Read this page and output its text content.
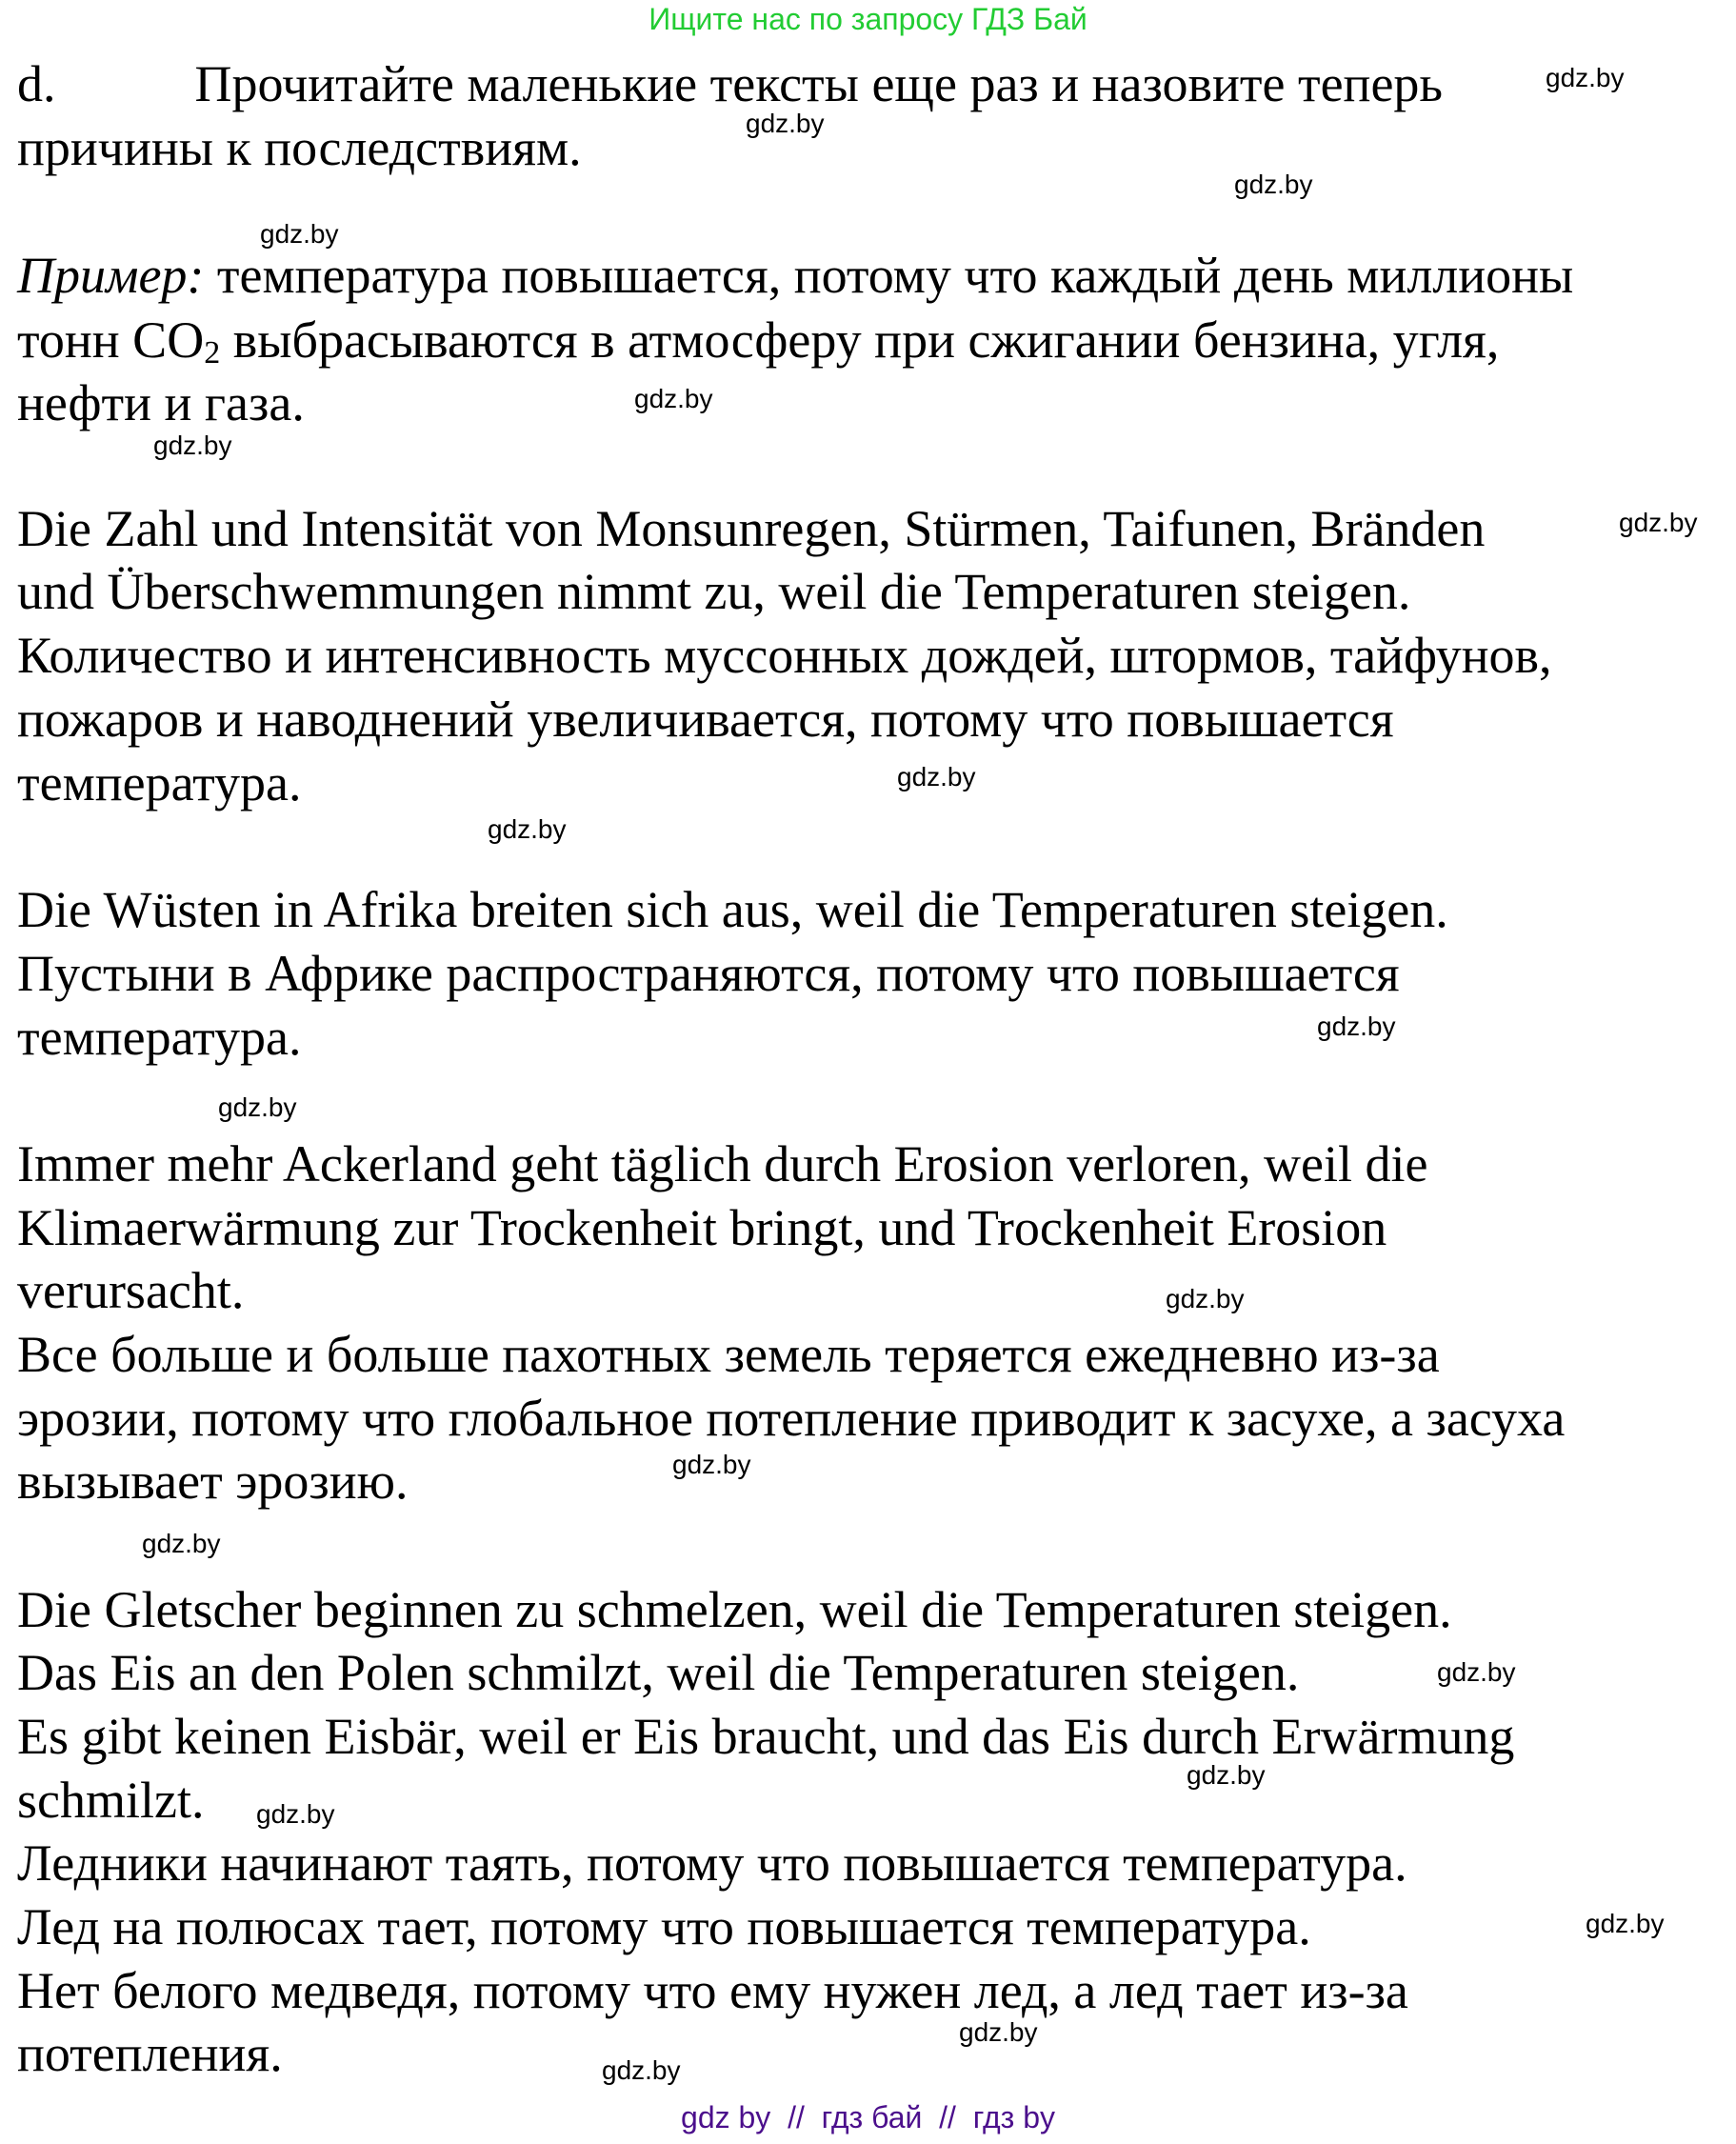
Ищите нас по запросу ГДЗ Бай
d.	Прочитайте маленькие тексты еще раз и назовите теперь
причины к последствиям.
Пример: температура повышается, потому что каждый день миллионы
тонн $CO_2$ выбрасываются в атмосферу при сжигании бензина, угля,
нефти и газа.
Die Zahl und Intensität von Monsunregen, Stürmen, Taifunen, Bränden
und Überschwemmungen nimmt zu, weil die Temperaturen steigen.
Количество и интенсивность муссонных дождей, штормов, тайфунов,
пожаров и наводнений увеличивается, потому что повышается
температура.
Die Wüsten in Afrika breiten sich aus, weil die Temperaturen steigen.
Пустыни в Африке распространяются, потому что повышается
температура.
Immer mehr Ackerland geht täglich durch Erosion verloren, weil die
Klimaerwärmung zur Trockenheit bringt, und Trockenheit Erosion
verursacht.
Все больше и больше пахотных земель теряется ежедневно из-за
эрозии, потому что глобальное потепление приводит к засухе, а засуха
вызывает эрозию.
Die Gletscher beginnen zu schmelzen, weil die Temperaturen steigen.
Das Eis an den Polen schmilzt, weil die Temperaturen steigen.
Es gibt keinen Eisbär, weil er Eis braucht, und das Eis durch Erwärmung
schmilzt.
Ледники начинают таять, потому что повышается температура.
Лед на полюсах тает, потому что повышается температура.
Нет белого медведя, потому что ему нужен лед, а лед тает из-за
потепления.
gdz.by
gdz.by
gdz.by
gdz.by
gdz.by
gdz.by
gdz.by
gdz.by
gdz.by
gdz.by
gdz.by
gdz.by
gdz.by
gdz.by
gdz.by
gdz.by
gdz.by
gdz.by
gdz.by
gdz.by
gdz by  //  гдз бай  //  гдз by
